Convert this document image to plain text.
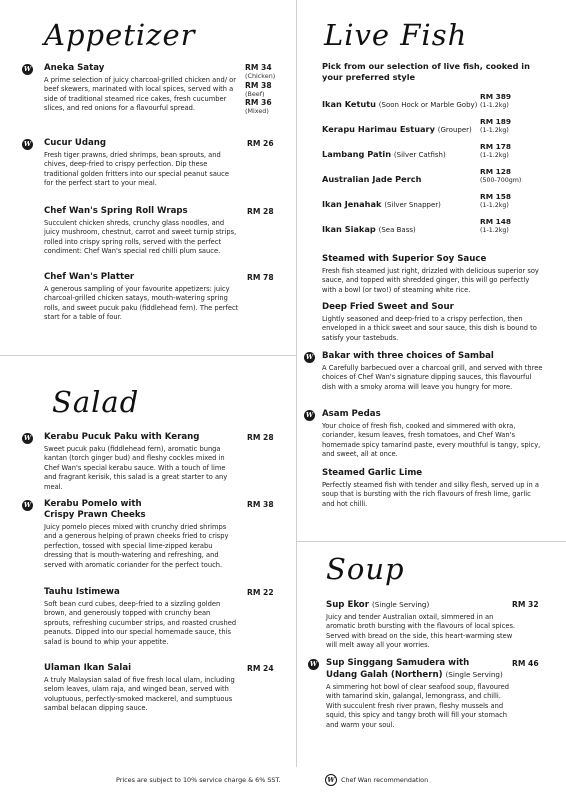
Appetizer
W Aneka Satay
A prime selection of juicy charcoal-grilled chicken and/ or beef skewers, marinated with local spices, served with a side of traditional steamed rice cakes, fresh cucumber slices, and red onions for a flavourful spread.
RM 34
(Chicken)
RM 38
(Beef)
RM 36
(Mixed)
W Cucur Udang
Fresh tiger prawns, dried shrimps, bean sprouts, and chives, deep-fried to crispy perfection. Dip these traditional golden fritters into our special peanut sauce for the perfect start to your meal.
RM 26
Chef Wan's Spring Roll Wraps
Succulent chicken shreds, crunchy glass noodles, and juicy mushroom, chestnut, carrot and sweet turnip strips, rolled into crispy spring rolls, served with the perfect condiment: Chef Wan's special red chilli plum sauce.
RM 28
Chef Wan's Platter
A generous sampling of your favourite appetizers: juicy charcoal-grilled chicken satays, mouth-watering spring rolls, and sweet pucuk paku (fiddlehead fern). The perfect start for a table of four.
RM 78
Salad
W Kerabu Pucuk Paku with Kerang
Sweet pucuk paku (fiddlehead fern), aromatic bunga kantan (torch ginger bud) and fleshy cockles mixed in Chef Wan's special kerabu sauce. With a touch of lime and fragrant kerisik, this salad is a great starter to any meal.
RM 28
W Kerabu Pomelo with
Crispy Prawn Cheeks
Juicy pomelo pieces mixed with crunchy dried shrimps and a generous helping of prawn cheeks fried to crispy perfection, tossed with special lime-zipped kerabu dressing that is mouth-watering and refreshing, and served with aromatic coriander for the perfect touch.
RM 38
Tauhu Istimewa
Soft bean curd cubes, deep-fried to a sizzling golden brown, and generously topped with crunchy bean sprouts, refreshing cucumber strips, and roasted crushed peanuts. Dipped into our special homemade sauce, this salad is bound to whip your appetite.
RM 22
Ulaman Ikan Salai
A truly Malaysian salad of five fresh local ulam, including selom leaves, ulam raja, and winged bean, served with voluptuous, perfectly-smoked mackerel, and sumptuous sambal belacan dipping sauce.
RM 24
Live Fish
Pick from our selection of live fish, cooked in your preferred style
Ikan Ketutu (Soon Hock or Marble Goby)
RM 389
(1-1.2kg)
Kerapu Harimau Estuary (Grouper)
RM 189
(1-1.2kg)
Lambang Patin (Silver Catfish)
RM 178
(1-1.2kg)
Australian Jade Perch
RM 128
(500-700gm)
Ikan Jenahak (Silver Snapper)
RM 158
(1-1.2kg)
Ikan Siakap (Sea Bass)
RM 148
(1-1.2kg)
Steamed with Superior Soy Sauce
Fresh fish steamed just right, drizzled with delicious superior soy sauce, and topped with shredded ginger, this will go perfectly with a bowl (or two!) of steaming white rice.
Deep Fried Sweet and Sour
Lightly seasoned and deep-fried to a crispy perfection, then enveloped in a thick sweet and sour sauce, this dish is bound to satisfy your tastebuds.
W Bakar with three choices of Sambal
A Carefully barbecued over a charcoal grill, and served with three choices of Chef Wan's signature dipping sauces, this flavourful dish with a smoky aroma will leave you hungry for more.
W Asam Pedas
Your choice of fresh fish, cooked and simmered with okra, coriander, kesum leaves, fresh tomatoes, and Chef Wan's homemade spicy tamarind paste, every mouthful is tangy, spicy, and sweet, all at once.
Steamed Garlic Lime
Perfectly steamed fish with tender and silky flesh, served up in a soup that is bursting with the rich flavours of fresh lime, garlic and hot chilli.
Soup
Sup Ekor (Single Serving)
Juicy and tender Australian oxtail, simmered in an aromatic broth bursting with the flavours of local spices. Served with bread on the side, this heart-warming stew will melt away all your worries.
RM 32
W Sup Singgang Samudera with
Udang Galah (Northern) (Single Serving)
A simmering hot bowl of clear seafood soup, flavoured with tamarind skin, galangal, lemongrass, and chilli. With succulent fresh river prawn, fleshy mussels and squid, this spicy and tangy broth will fill your stomach and warm your soul.
RM 46
Prices are subject to 10% service charge & 6% SST.	W Chef Wan recommendation
